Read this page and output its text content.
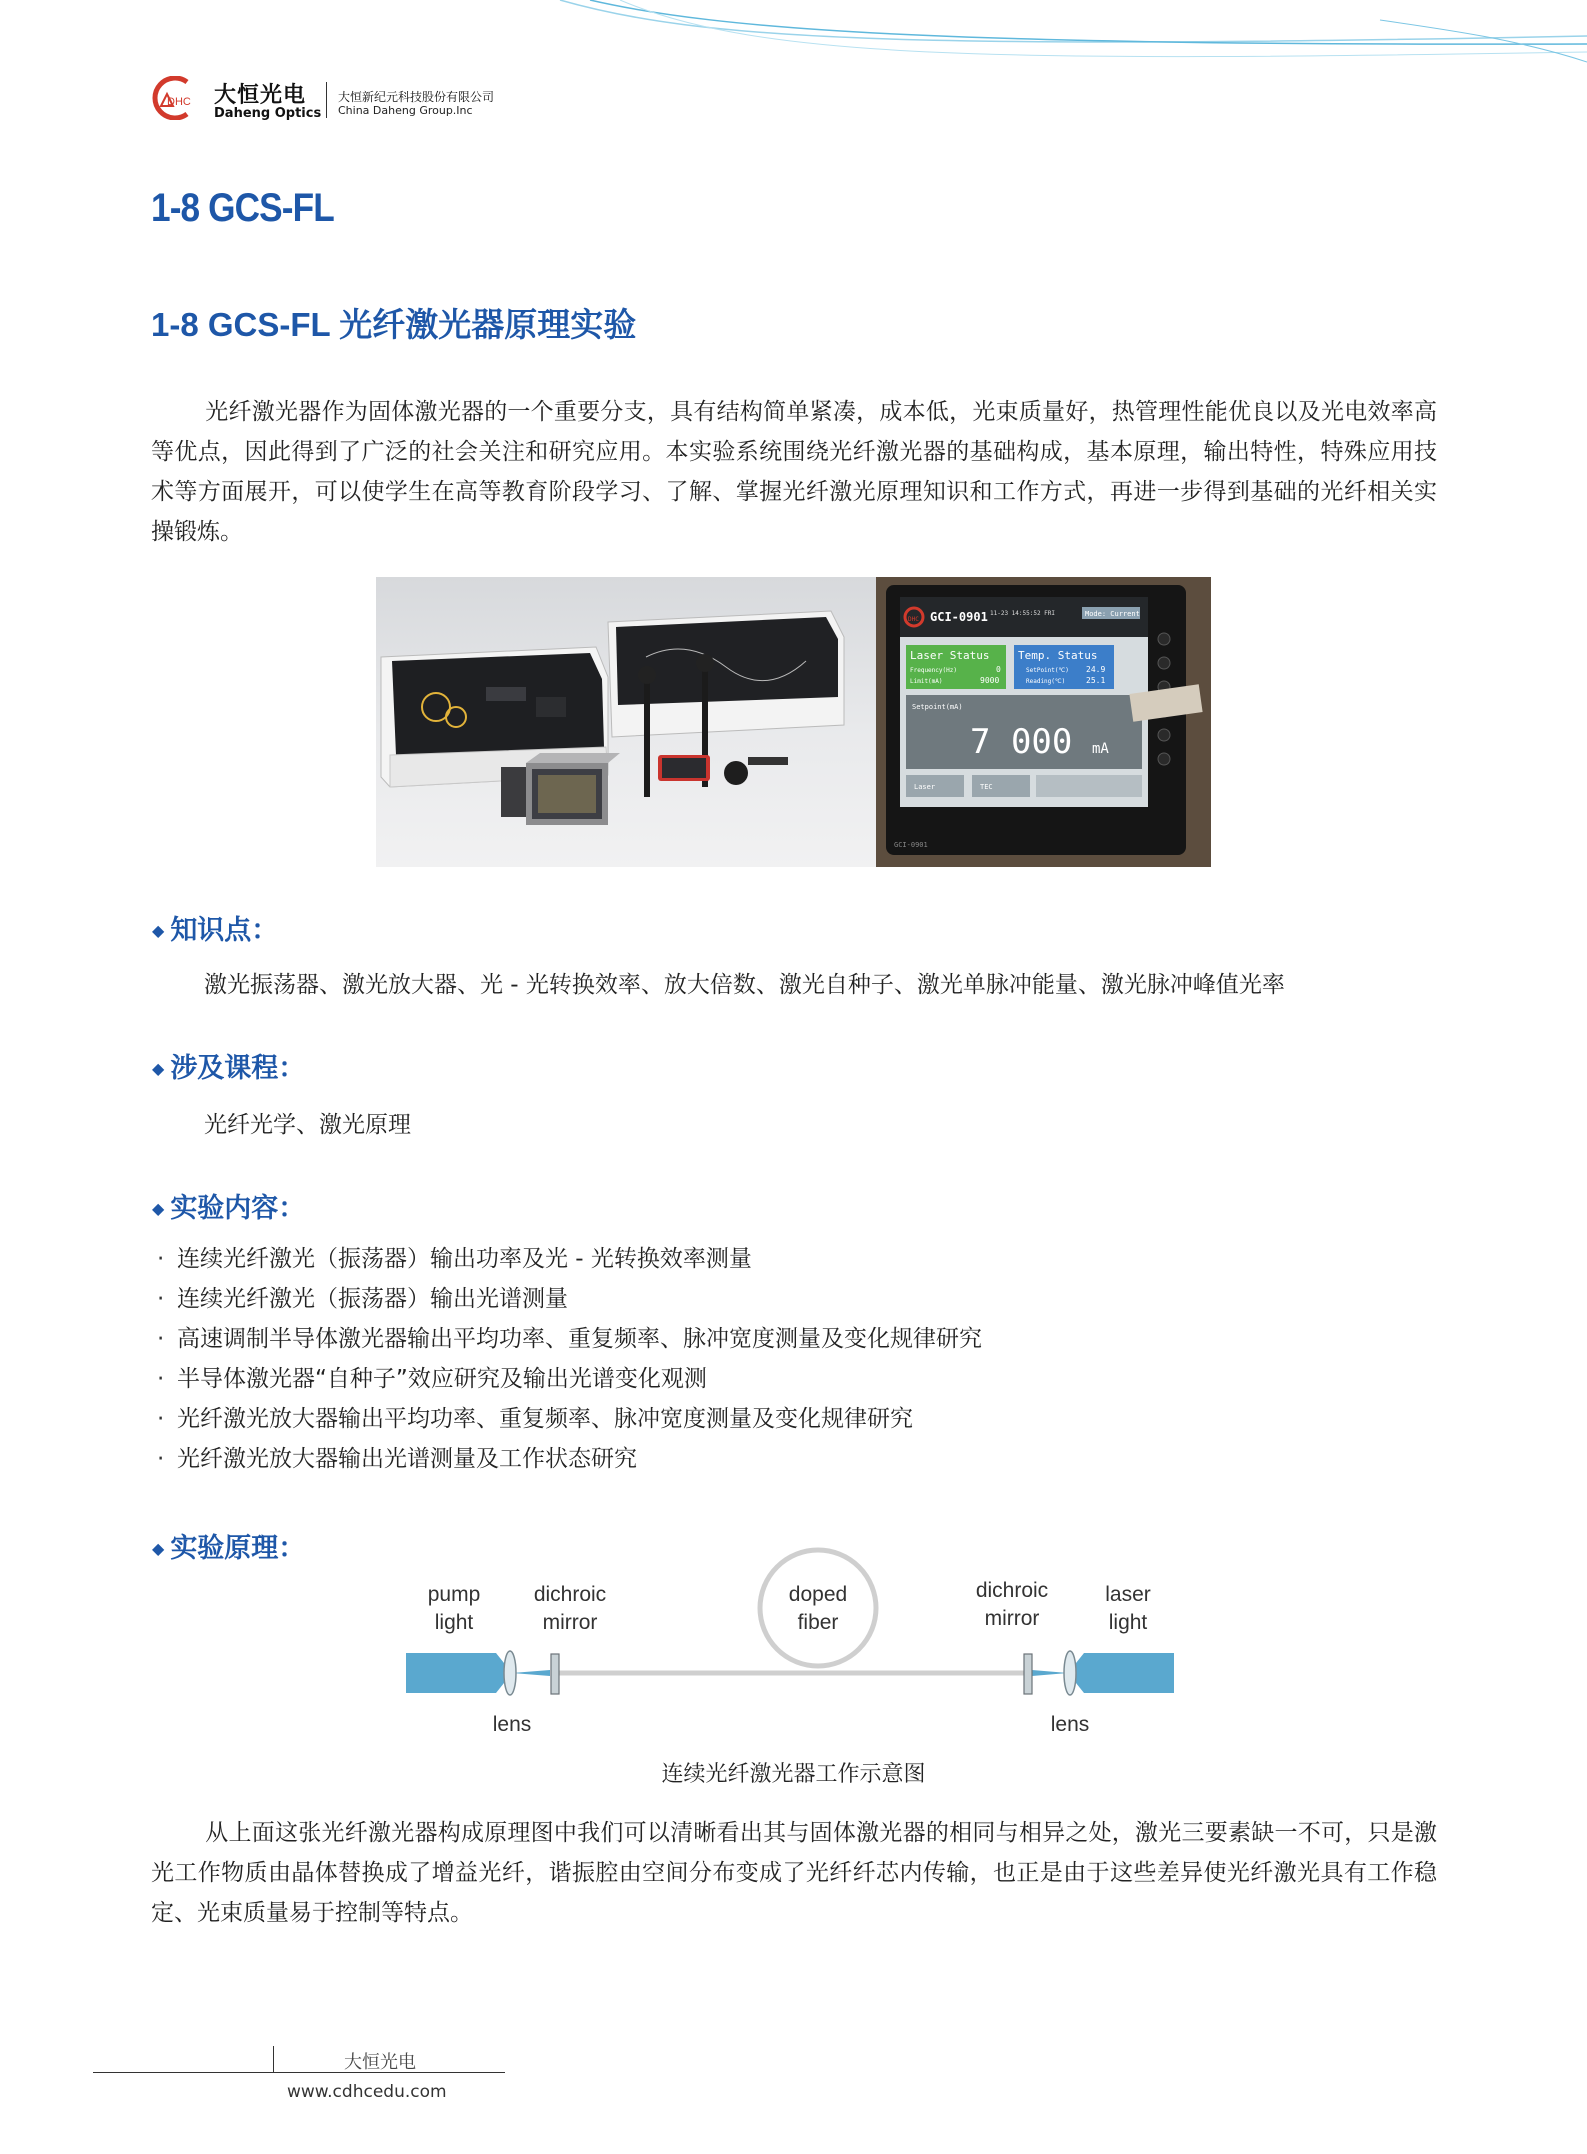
DHC 大恒光电
Daheng Optics
大恒新纪元科技股份有限公司
China Daheng Group.Inc
1-8 GCS-FL
1-8 GCS-FL 光纤激光器原理实验
光纤激光器作为固体激光器的一个重要分支，具有结构简单紧凑，成本低，光束质量好，热管理性能优良以及光电效率高等优点，因此得到了广泛的社会关注和研究应用。本实验系统围绕光纤激光器的基础构成，基本原理，输出特性，特殊应用技术等方面展开，可以使学生在高等教育阶段学习、了解、掌握光纤激光原理知识和工作方式，再进一步得到基础的光纤相关实操锻炼。
DHC GCI-0901 11-23 14:55:52 FRI	Mode: Current
Laser Status
Frequency(Hz)	0
Limit(mA)	9000
Temp. Status
SetPoint(℃) 24.9
Reading(℃)	25.1
Setpoint(mA)
7 000 mA
Laser	TEC
GCI-0901
◆ 知识点：
激光振荡器、激光放大器、光 - 光转换效率、放大倍数、激光自种子、激光单脉冲能量、激光脉冲峰值光率
◆ 涉及课程：
光纤光学、激光原理
◆ 实验内容：
· 连续光纤激光（振荡器）输出功率及光 - 光转换效率测量
· 连续光纤激光（振荡器）输出光谱测量
· 高速调制半导体激光器输出平均功率、重复频率、脉冲宽度测量及变化规律研究
· 半导体激光器“自种子”效应研究及输出光谱变化观测
· 光纤激光放大器输出平均功率、重复频率、脉冲宽度测量及变化规律研究
· 光纤激光放大器输出光谱测量及工作状态研究
◆ 实验原理：
pump
light
dichroic
mirror
doped
fiber
dichroic
mirror
laser
light
lens	lens
连续光纤激光器工作示意图
从上面这张光纤激光器构成原理图中我们可以清晰看出其与固体激光器的相同与相异之处，激光三要素缺一不可，只是激光工作物质由晶体替换成了增益光纤，谐振腔由空间分布变成了光纤纤芯内传输，也正是由于这些差异使光纤激光具有工作稳定、光束质量易于控制等特点。
大恒光电
www.cdhcedu.com
